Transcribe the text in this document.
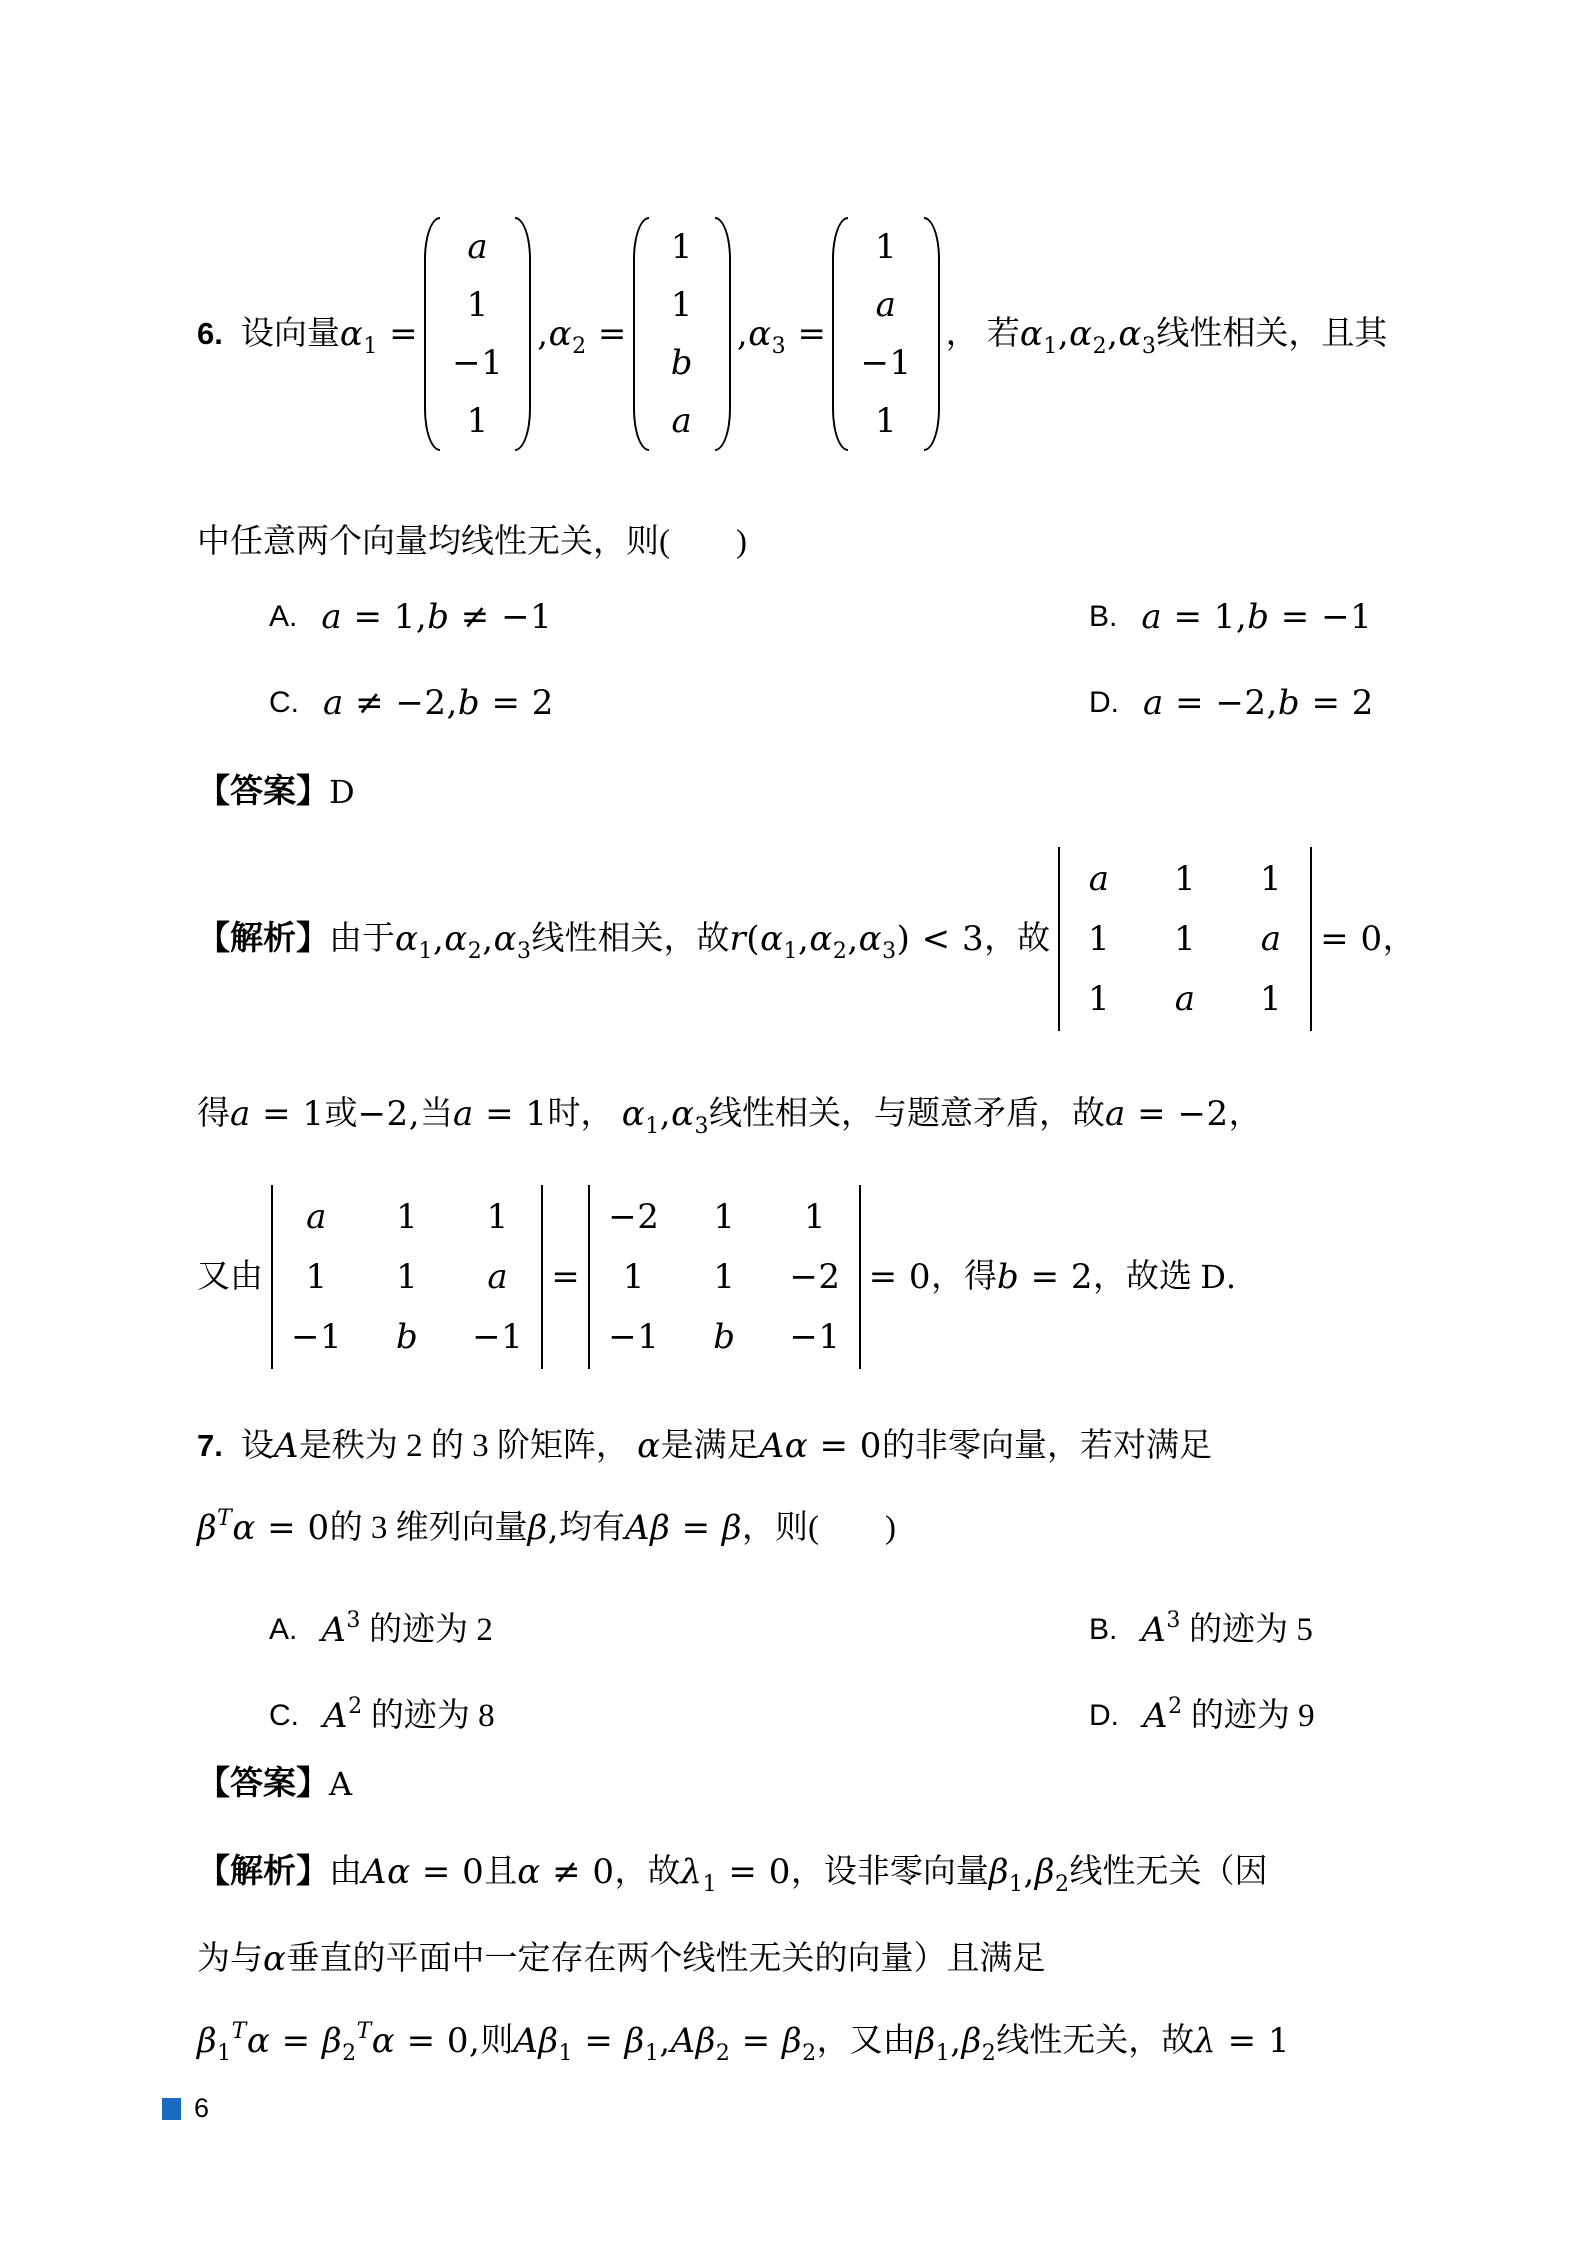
6. 设向量 $\alpha_1$ =
a
1
−1
1
$,\alpha_2$ =
1
1
b
a
$,\alpha_3$ =
1
a
−1
1
， 若 $\alpha_1,\alpha_2,\alpha_3$ 线性相关，且其
中任意两个向量均线性无关，则(　　)
A. a = 1,b ≠ −1	B. a = 1,b = −1
C. a ≠ −2,b = 2	D. a = −2,b = 2
【答案】 D
【解析】 由于 $\alpha_1,\alpha_2,\alpha_3$ 线性相关，故 $r(\alpha_1,\alpha_2,\alpha_3) < 3$ ，故
a 1 1
1 1 a
1 a 1
= 0 ，
得 a = 1 或 −2, 当 a = 1 时， $\alpha_1,\alpha_3$ 线性相关，与题意矛盾，故 a = −2 ，
又由
a 1 1
1 1 a
−1 b −1
=
−2 1 1
1 1 −2
−1 b −1
= 0 ，得 b = 2 ，故选 D.
7. 设 A 是秩为 2 的 3 阶矩阵， α 是满足 Aα = 0 的非零向量，若对满足
$\beta^T\alpha = 0$ 的 3 维列向量 β, 均有 Aβ = β ，则(　　)
A. $A^3$ 的迹为 2	B. $A^3$ 的迹为 5
C. $A^2$ 的迹为 8	D. $A^2$ 的迹为 9
【答案】 A
【解析】 由 Aα = 0 且 α ≠ 0 ，故 $\lambda_1 = 0$ ，设非零向量 $\beta_1,\beta_2$ 线性无关（因
为与 α 垂直的平面中一定存在两个线性无关的向量）且满足
$\beta_1^T\alpha = \beta_2^T\alpha = 0$, 则 $A\beta_1 = \beta_1,A\beta_2 = \beta_2$ ，又由 $\beta_1,\beta_2$ 线性无关，故 λ = 1
6
